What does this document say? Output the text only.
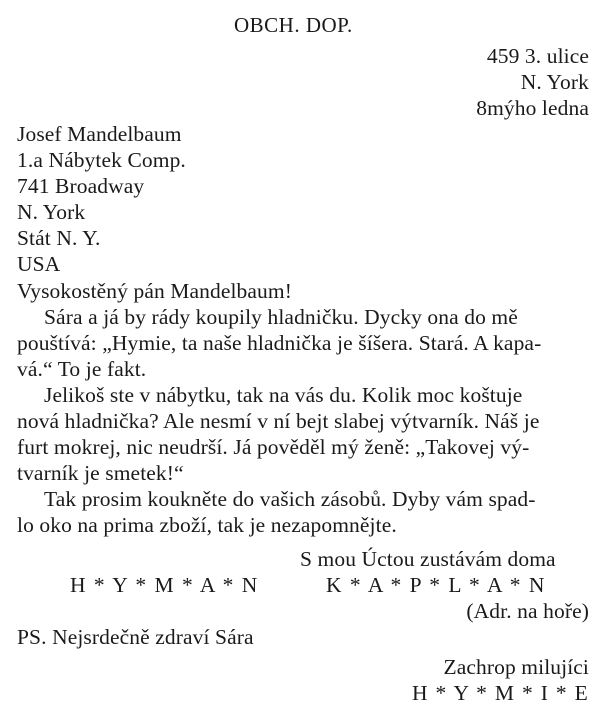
OBCH. DOP.
459 3. ulice
N. York
8mýho ledna
Josef Mandelbaum
1.a Nábytek Comp.
741 Broadway
N. York
Stát N. Y.
USA
Vysokostěný pán Mandelbaum!
Sára a já by rády koupily hladničku. Dycky ona do mě
pouštívá: „Hymie, ta naše hladnička je šíšera. Stará. A kapa-
vá.“ To je fakt.
Jelikoš ste v nábytku, tak na vás du. Kolik moc koštuje
nová hladnička? Ale nesmí v ní bejt slabej výtvarník. Náš je
furt mokrej, nic neudrší. Já pověděl mý ženě: „Takovej vý-
tvarník je smetek!“
Tak prosim koukněte do vašich zásobů. Dyby vám spad-
lo oko na prima zboží, tak je nezapomnějte.
S mou Úctou zustávám doma
H * Y * M * A * N	K * A * P * L * A * N
(Adr. na hoře)
PS. Nejsrdečně zdraví Sára
Zachrop milujíci
H * Y * M * I * E
